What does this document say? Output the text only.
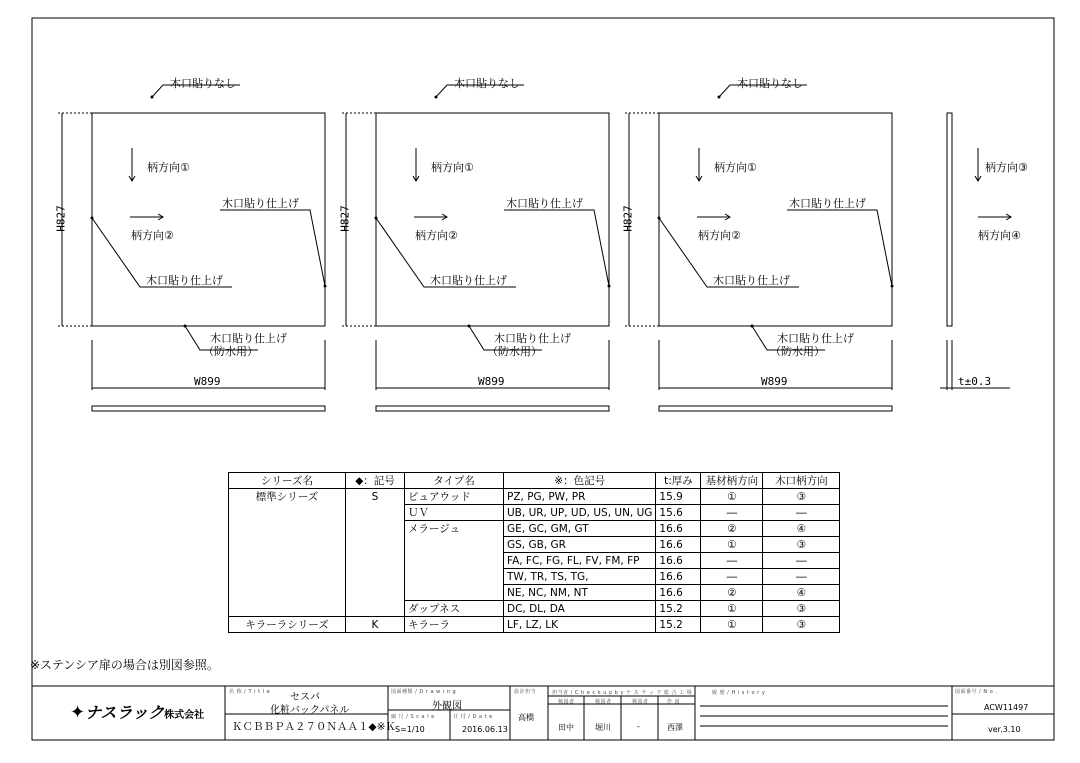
木口貼りなし
柄方向①
柄方向②
木口貼り仕上げ
木口貼り仕上げ
木口貼り仕上げ
（防水用）
H827
W899
木口貼りなし
柄方向①
柄方向②
木口貼り仕上げ
木口貼り仕上げ
木口貼り仕上げ
（防水用）
H827
W899
木口貼りなし
柄方向①
柄方向②
木口貼り仕上げ
木口貼り仕上げ
木口貼り仕上げ
（防水用）
H827
W899
柄方向③
柄方向④
t±0.3
シリーズ名	◆：記号	タイプ名	※：色記号	t:厚み	基材柄方向	木口柄方向
標準シリーズ	S	ピュアウッド	PZ, PG, PW, PR	15.9	①	③
		ＵＶ	UB, UR, UP, UD, US, UN, UG	15.6	―	―
		メラージュ	GE, GC, GM, GT	16.6	②	④
			GS, GB, GR	16.6	①	③
			FA, FC, FG, FL, FV, FM, FP	16.6	―	―
			TW, TR, TS, TG,	16.6	―	―
			NE, NC, NM, NT	16.6	②	④
		ダップネス	DC, DL, DA	15.2	①	③
キラーラシリーズ	K	キラーラ	LF, LZ, LK	15.2	①	③
※ステンシア扉の場合は別図参照。
✦ナスラック株式会社
名 称 / T i t l e セスパ
化粧バックパネル
ＫＣＢＢＰＡ２７０ＮＡＡ１◆※Ｋ
図面種類 / D r a w i n g
外観図
縮 尺 / S c a l e
S=1/10
日 付 / D a t e
2016.06.13
設計担当
高橋
担当者 / C h e c k u p b y ナ ス ラ ッ ク 総 合 工 場
検図者	検図者	検図者	作 図
田中	堀川	-	西澤
履 歴 / H i s t o r y	図面番号 / N o .
ACW11497
ver.3.10
